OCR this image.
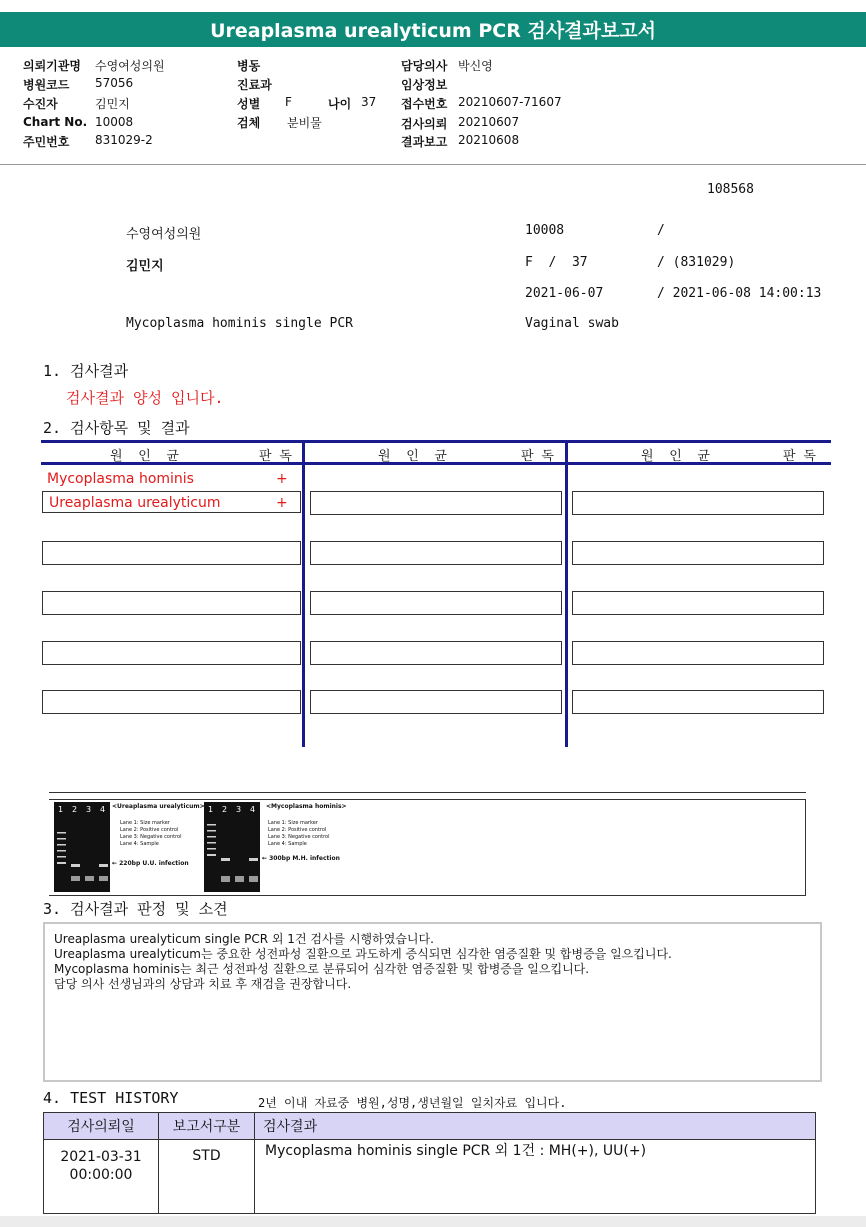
Ureaplasma urealyticum PCR 검사결과보고서
의뢰기관명 수영여성의원
병원코드 57056
수진자	김민지
Chart No. 10008
주민번호 831029-2
병동
진료과
성별 F	나이 37
검체 분비물
담당의사 박신영
임상정보
접수번호 20210607-71607
검사의뢰 20210607
결과보고 20210608
108568
수영여성의원	10008	/
김민지	F  /  37	/ (831029)
2021-06-07	/ 2021-06-08 14:00:13
Mycoplasma hominis single PCR	Vaginal swab
1. 검사결과
검사결과 양성 입니다.
2. 검사항목 및 결과
원  인  균	판 독	원  인  균	판 독	원  인  균	판 독
Mycoplasma hominis	+
Ureaplasma urealyticum	+
1 2 3 4	1 2 3 4
<Ureaplasma urealyticum>
Lane 1: Size marker
Lane 2: Positive control
Lane 3: Negative control
Lane 4: Sample
← 220bp U.U. infection
<Mycoplasma hominis>
Lane 1: Size marker
Lane 2: Positive control
Lane 3: Negative control
Lane 4: Sample
← 300bp M.H. infection
3. 검사결과 판정 및 소견
Ureaplasma urealyticum single PCR 외 1건 검사를 시행하였습니다.
Ureaplasma urealyticum는 중요한 성전파성 질환으로 과도하게 증식되면 심각한 염증질환 및 합병증을 일으킵니다.
Mycoplasma hominis는 최근 성전파성 질환으로 분류되어 심각한 염증질환 및 합병증을 일으킵니다.
담당 의사 선생님과의 상담과 치료 후 재검을 권장합니다.
4. TEST HISTORY	2년 이내 자료중 병원,성명,생년월일 일치자료 입니다.
검사의뢰일	보고서구분	검사결과

2021-03-31
00:00:00	STD	Mycoplasma hominis single PCR 외 1건 : MH(+), UU(+)
